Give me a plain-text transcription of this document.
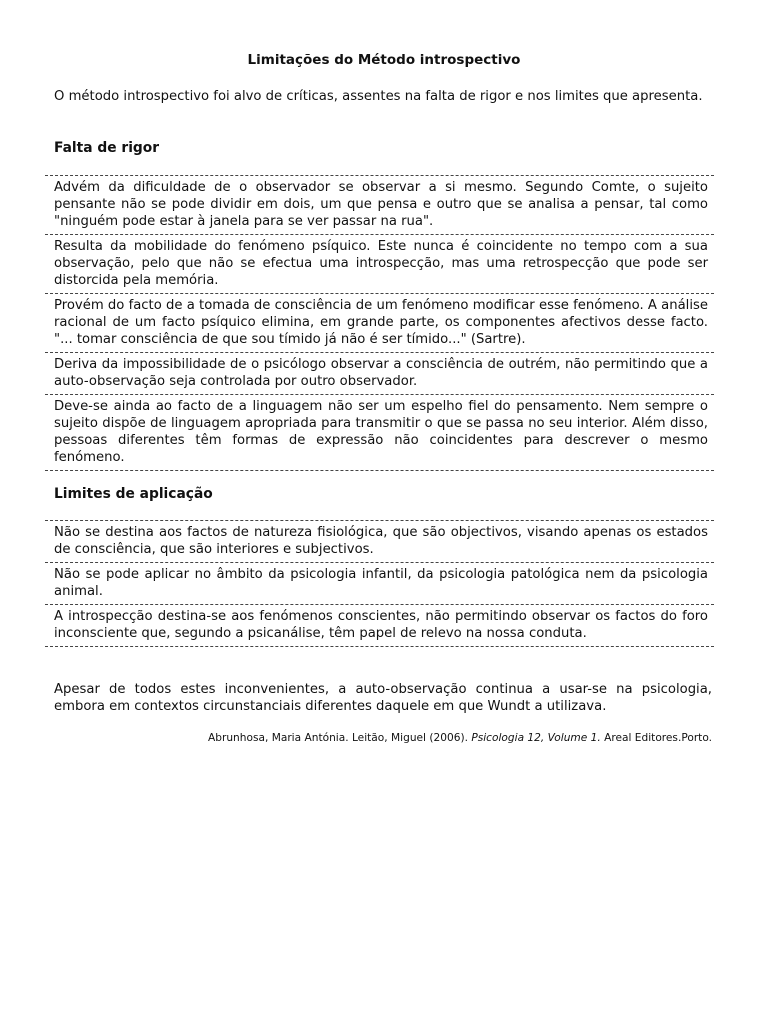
Limitações do Método introspectivo
O método introspectivo foi alvo de críticas, assentes na falta de rigor e nos limites que apresenta.
Falta de rigor
Advém da dificuldade de o observador se observar a si mesmo. Segundo Comte, o sujeito pensante não se pode dividir em dois, um que pensa e outro que se analisa a pensar, tal como "ninguém pode estar à janela para se ver passar na rua".
Resulta da mobilidade do fenómeno psíquico. Este nunca é coincidente no tempo com a sua observação, pelo que não se efectua uma introspecção, mas uma retrospecção que pode ser distorcida pela memória.
Provém do facto de a tomada de consciência de um fenómeno modificar esse fenómeno. A análise racional de um facto psíquico elimina, em grande parte, os componentes afectivos desse facto. "... tomar consciência de que sou tímido já não é ser tímido..." (Sartre).
Deriva da impossibilidade de o psicólogo observar a consciência de outrém, não permitindo que a auto-observação seja controlada por outro observador.
Deve-se ainda ao facto de a linguagem não ser um espelho fiel do pensamento. Nem sempre o sujeito dispõe de linguagem apropriada para transmitir o que se passa no seu interior. Além disso, pessoas diferentes têm formas de expressão não coincidentes para descrever o mesmo fenómeno.
Limites de aplicação
Não se destina aos factos de natureza fisiológica, que são objectivos, visando apenas os estados de consciência, que são interiores e subjectivos.
Não se pode aplicar no âmbito da psicologia infantil, da psicologia patológica nem da psicologia animal.
A introspecção destina-se aos fenómenos conscientes, não permitindo observar os factos do foro inconsciente que, segundo a psicanálise, têm papel de relevo na nossa conduta.
Apesar de todos estes inconvenientes, a auto-observação continua a usar-se na psicologia, embora em contextos circunstanciais diferentes daquele em que Wundt a utilizava.
Abrunhosa, Maria Antónia. Leitão, Miguel (2006). Psicologia 12, Volume 1. Areal Editores.Porto.
